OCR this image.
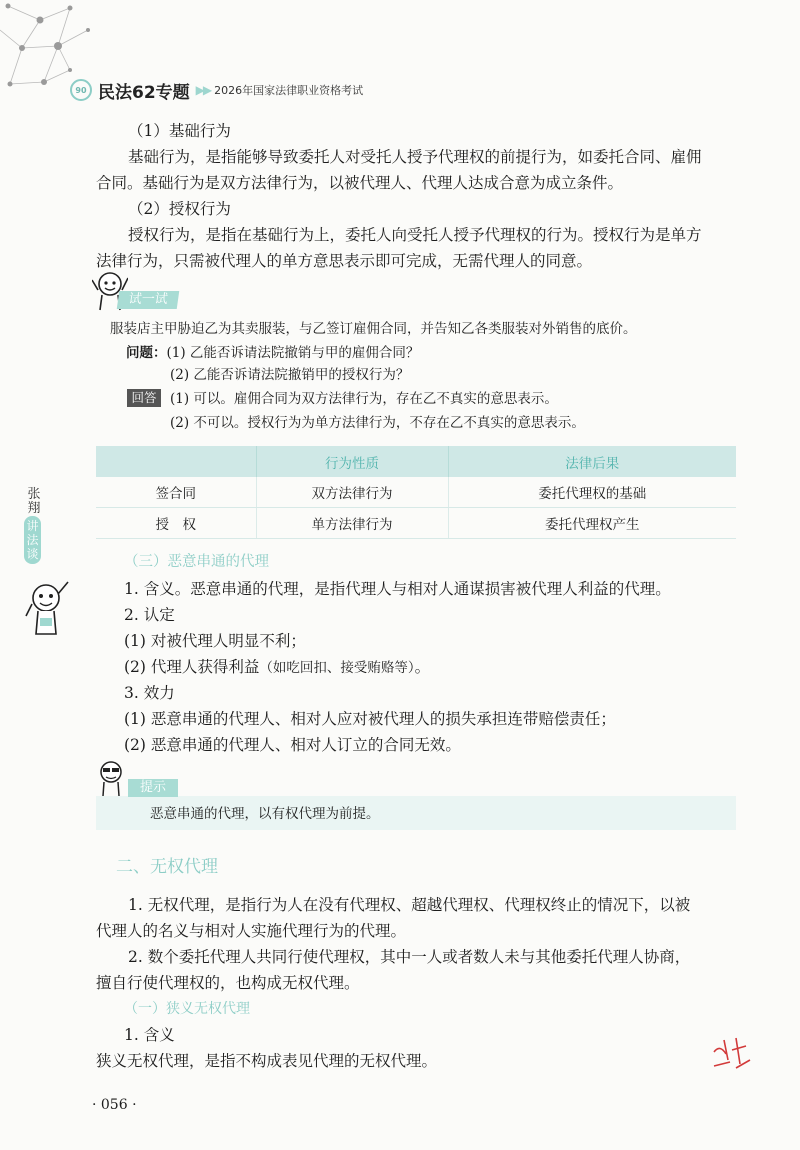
90 民法62专题 ▶▶ 2026年国家法律职业资格考试
（1）基础行为
基础行为，是指能够导致委托人对受托人授予代理权的前提行为，如委托合同、雇佣
合同。基础行为是双方法律行为，以被代理人、代理人达成合意为成立条件。
（2）授权行为
授权行为，是指在基础行为上，委托人向受托人授予代理权的行为。授权行为是单方
法律行为，只需被代理人的单方意思表示即可完成，无需代理人的同意。
试一试
服装店主甲胁迫乙为其卖服装，与乙签订雇佣合同，并告知乙各类服装对外销售的底价。
问题：(1) 乙能否诉请法院撤销与甲的雇佣合同？
(2) 乙能否诉请法院撤销甲的授权行为？
回答	(1) 可以。雇佣合同为双方法律行为，存在乙不真实的意思表示。
(2) 不可以。授权行为为单方法律行为，不存在乙不真实的意思表示。
	行为性质	法律后果
签合同	双方法律行为	委托代理权的基础
授　权	单方法律行为	委托代理权产生
张翔
讲法谈	（三）恶意串通的代理
1. 含义。恶意串通的代理，是指代理人与相对人通谋损害被代理人利益的代理。
2. 认定
(1) 对被代理人明显不利；
(2) 代理人获得利益（如吃回扣、接受贿赂等）。
3. 效力
(1) 恶意串通的代理人、相对人应对被代理人的损失承担连带赔偿责任；
(2) 恶意串通的代理人、相对人订立的合同无效。
提示
恶意串通的代理，以有权代理为前提。
二、无权代理
1. 无权代理，是指行为人在没有代理权、超越代理权、代理权终止的情况下，以被
代理人的名义与相对人实施代理行为的代理。
2. 数个委托代理人共同行使代理权，其中一人或者数人未与其他委托代理人协商，
擅自行使代理权的，也构成无权代理。
（一）狭义无权代理
1. 含义
狭义无权代理，是指不构成表见代理的无权代理。
· 056 ·
